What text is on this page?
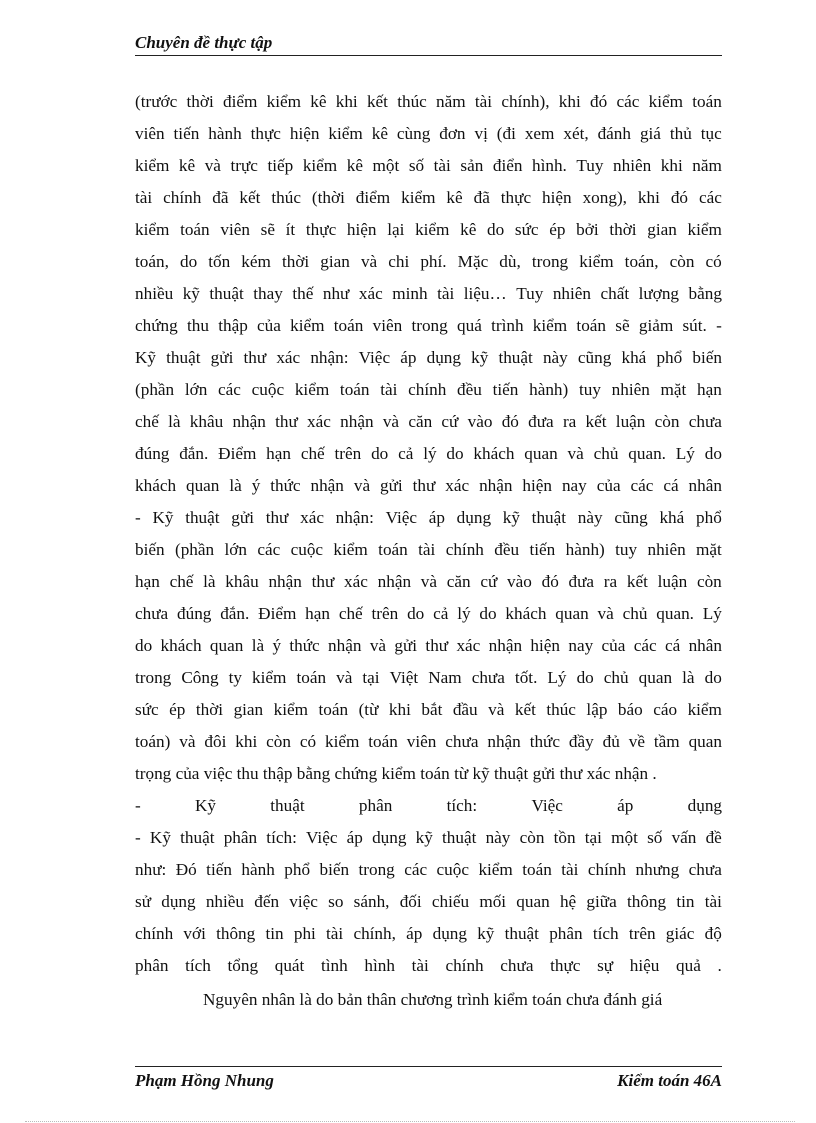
Chuyên đề thực tập
(trước thời điểm kiểm kê khi kết thúc năm tài chính), khi đó các kiểm toán
viên tiến hành thực hiện kiểm kê cùng đơn vị (đi xem xét, đánh giá thủ tục
kiểm kê và trực tiếp kiểm kê một số tài sản điển hình. Tuy nhiên khi năm
tài chính đã kết thúc (thời điểm kiểm kê đã thực hiện xong), khi đó các
kiểm toán viên sẽ ít thực hiện lại kiểm kê do sức ép bởi thời gian kiểm
toán, do tốn kém thời gian và chi phí. Mặc dù, trong kiểm toán, còn có
nhiều kỹ thuật thay thế như xác minh tài liệu… Tuy nhiên chất lượng bằng
chứng thu thập của kiểm toán viên trong quá trình kiểm toán sẽ giảm sút. -
Kỹ thuật gửi thư xác nhận: Việc áp dụng kỹ thuật này cũng khá phổ biến
(phần lớn các cuộc kiểm toán tài chính đều tiến hành) tuy nhiên mặt hạn
chế là khâu nhận thư xác nhận và căn cứ vào đó đưa ra kết luận còn chưa
đúng đắn. Điểm hạn chế trên do cả lý do khách quan và chủ quan. Lý do
khách quan là ý thức nhận và gửi thư xác nhận hiện nay của các cá nhân
- Kỹ thuật gửi thư xác nhận: Việc áp dụng kỹ thuật này cũng khá phổ
biến (phần lớn các cuộc kiểm toán tài chính đều tiến hành) tuy nhiên mặt
hạn chế là khâu nhận thư xác nhận và căn cứ vào đó đưa ra kết luận còn
chưa đúng đắn. Điểm hạn chế trên do cả lý do khách quan và chủ quan. Lý
do khách quan là ý thức nhận và gửi thư xác nhận hiện nay của các cá nhân
trong Công ty kiểm toán và tại Việt Nam chưa tốt. Lý do chủ quan là do
sức ép thời gian kiểm toán (từ khi bắt đầu và kết thúc lập báo cáo kiểm
toán) và đôi khi còn có kiểm toán viên chưa nhận thức đầy đủ về tầm quan
trọng của việc thu thập bằng chứng kiểm toán từ kỹ thuật gửi thư xác nhận .
-	Kỹ	thuật	phân	tích:	Việc	áp	dụng
- Kỹ thuật phân tích: Việc áp dụng kỹ thuật này còn tồn tại một số vấn đề
như: Đó tiến hành phổ biến trong các cuộc kiểm toán tài chính nhưng chưa
sử dụng nhiều đến việc so sánh, đối chiếu mối quan hệ giữa thông tin tài
chính với thông tin phi tài chính, áp dụng kỹ thuật phân tích trên giác độ
phân tích tổng quát tình hình tài chính chưa thực sự hiệu quả .
Nguyên nhân là do bản thân chương trình kiểm toán chưa đánh giá
Phạm Hồng Nhung	Kiểm toán 46A
